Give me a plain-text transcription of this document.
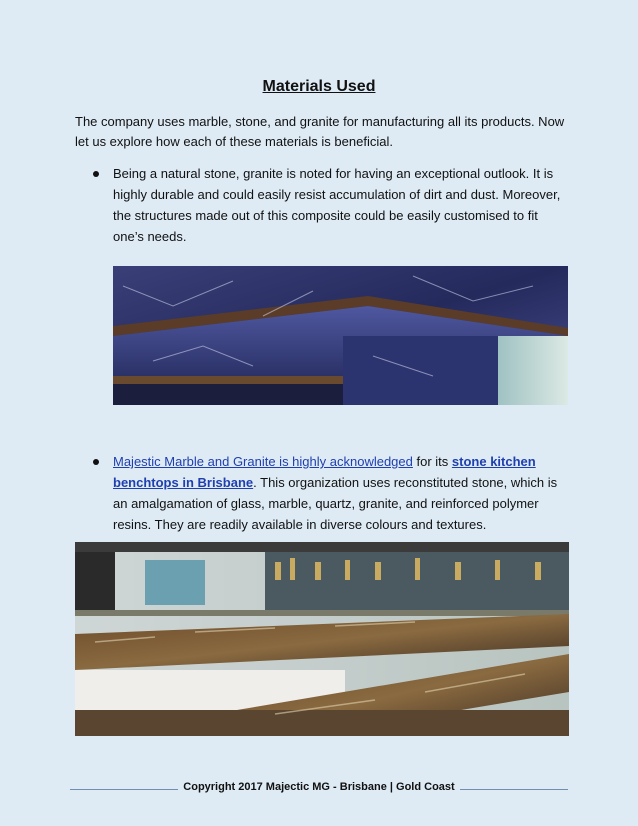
Materials Used
The company uses marble, stone, and granite for manufacturing all its products. Now let us explore how each of these materials is beneficial.
Being a natural stone, granite is noted for having an exceptional outlook. It is highly durable and could easily resist accumulation of dirt and dust. Moreover, the structures made out of this composite could be easily customised to fit one’s needs.
Majestic Marble and Granite is highly acknowledged for its stone kitchen benchtops in Brisbane. This organization uses reconstituted stone, which is an amalgamation of glass, marble, quartz, granite, and reinforced polymer resins. They are readily available in diverse colours and textures.
Copyright 2017 Majectic MG - Brisbane | Gold Coast
